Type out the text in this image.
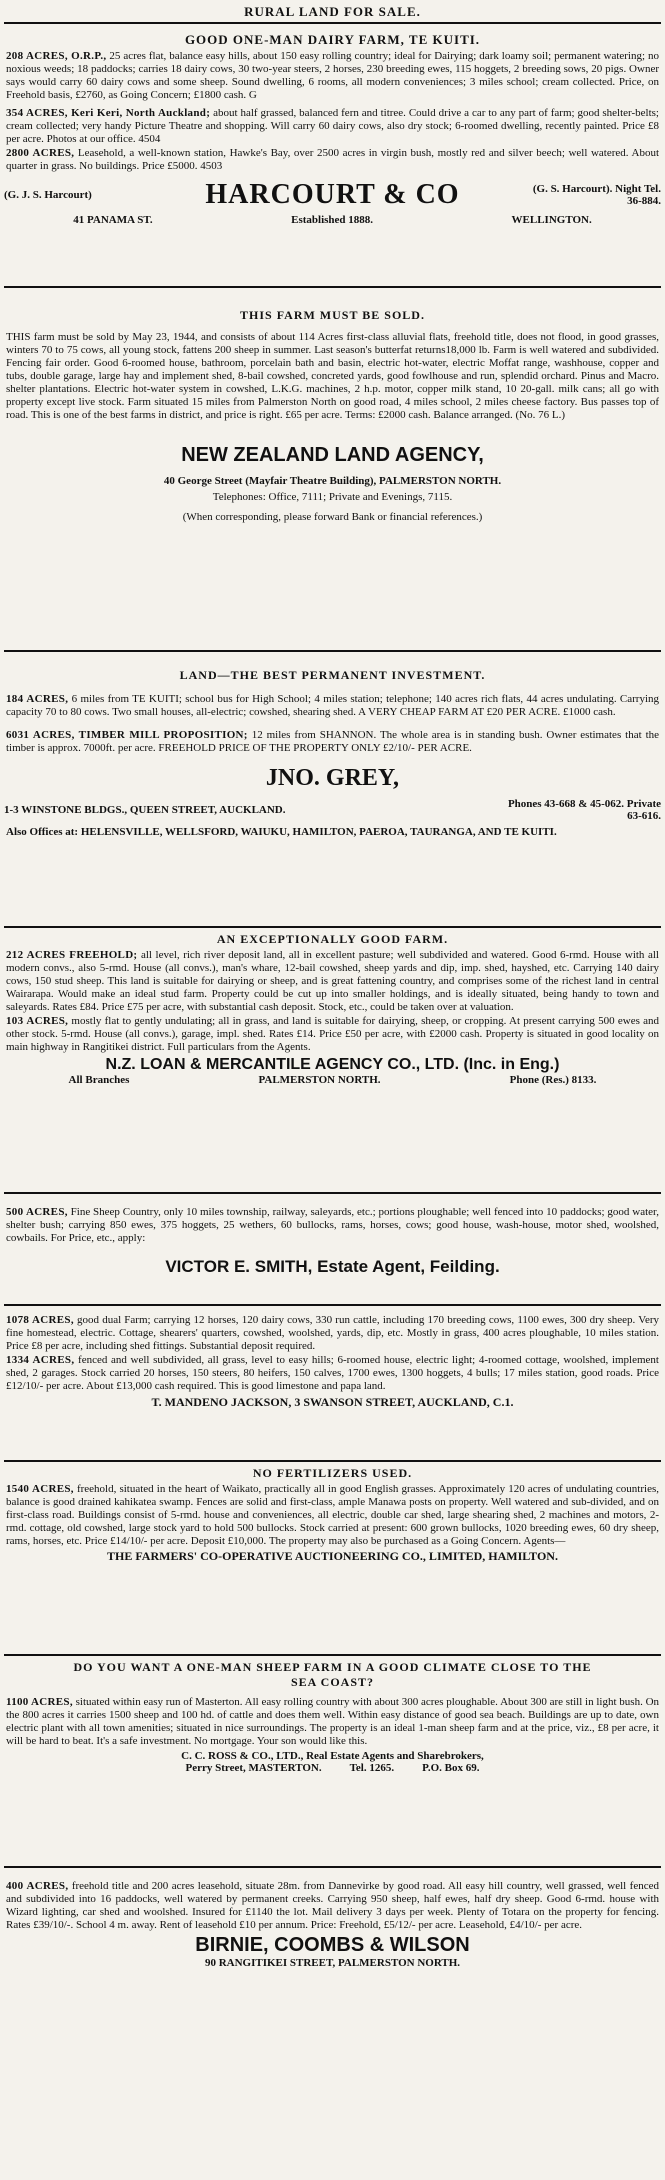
RURAL LAND FOR SALE.
GOOD ONE-MAN DAIRY FARM, TE KUITI.

208 ACRES, O.R.P., 25 acres flat, balance easy hills, about 150 easy rolling country; ideal for Dairying; dark loamy soil; permanent watering; no noxious weeds; 18 paddocks; carries 18 dairy cows, 30 two-year steers, 2 horses, 230 breeding ewes, 115 hoggets, 2 breeding sows, 20 pigs. Owner says would carry 60 dairy cows and some sheep. Sound dwelling, 6 rooms, all modern conveniences; 3 miles school; cream collected. Price, on Freehold basis, £2760, as Going Concern; £1800 cash. G

354 ACRES, Keri Keri, North Auckland; about half grassed, balanced fern and titree. Could drive a car to any part of farm; good shelter-belts; cream collected; very handy Picture Theatre and shopping. Will carry 60 dairy cows, also dry stock; 6-roomed dwelling, recently painted. Price £8 per acre. Photos at our office. 4504

2800 ACRES, Leasehold, a well-known station, Hawke's Bay, over 2500 acres in virgin bush, mostly red and silver beech; well watered. About quarter in grass. No buildings. Price £5000. 4503

(G. J. S. Harcourt)	HARCOURT & CO	(G. S. Harcourt). Night Tel. 36-884.
41 PANAMA ST.	Established 1888.	WELLINGTON.
THIS FARM MUST BE SOLD.

THIS farm must be sold by May 23, 1944, and consists of about 114 Acres first-class alluvial flats, freehold title, does not flood, in good grasses, winters 70 to 75 cows, all young stock, fattens 200 sheep in summer. Last season's butterfat returns18,000 lb. Farm is well watered and subdivided. Fencing fair order. Good 6-roomed house, bathroom, porcelain bath and basin, electric hot-water, electric Moffat range, washhouse, copper and tubs, double garage, large hay and implement shed, 8-bail cowshed, concreted yards, good fowlhouse and run, splendid orchard. Pinus and Macro. shelter plantations. Electric hot-water system in cowshed, L.K.G. machines, 2 h.p. motor, copper milk stand, 10 20-gall. milk cans; all go with property except live stock. Farm situated 15 miles from Palmerston North on good road, 4 miles school, 2 miles cheese factory. Bus passes top of road. This is one of the best farms in district, and price is right. £65 per acre. Terms: £2000 cash. Balance arranged. (No. 76 L.)

NEW ZEALAND LAND AGENCY,
40 George Street (Mayfair Theatre Building), PALMERSTON NORTH.
Telephones: Office, 7111; Private and Evenings, 7115.
(When corresponding, please forward Bank or financial references.)
LAND—THE BEST PERMANENT INVESTMENT.

184 ACRES, 6 miles from TE KUITI; school bus for High School; 4 miles station; telephone; 140 acres rich flats, 44 acres undulating. Carrying capacity 70 to 80 cows. Two small houses, all-electric; cowshed, shearing shed. A VERY CHEAP FARM AT £20 PER ACRE. £1000 cash.

6031 ACRES, TIMBER MILL PROPOSITION; 12 miles from SHANNON. The whole area is in standing bush. Owner estimates that the timber is approx. 7000ft. per acre. FREEHOLD PRICE OF THE PROPERTY ONLY £2/10/- PER ACRE.

JNO. GREY,
1-3 WINSTONE BLDGS., QUEEN STREET, AUCKLAND.	Phones 43-668 & 45-062. Private 63-616.
Also Offices at: HELENSVILLE, WELLSFORD, WAIUKU, HAMILTON, PAEROA, TAURANGA, AND TE KUITI.
AN EXCEPTIONALLY GOOD FARM.

212 ACRES FREEHOLD; all level, rich river deposit land, all in excellent pasture; well subdivided and watered. Good 6-rmd. House with all modern convs., also 5-rmd. House (all convs.), man's whare, 12-bail cowshed, sheep yards and dip, imp. shed, hayshed, etc. Carrying 140 dairy cows, 150 stud sheep. This land is suitable for dairying or sheep, and is great fattening country, and comprises some of the richest land in central Wairarapa. Would make an ideal stud farm. Property could be cut up into smaller holdings, and is ideally situated, being handy to town and saleyards. Rates £84. Price £75 per acre, with substantial cash deposit. Stock, etc., could be taken over at valuation.

103 ACRES, mostly flat to gently undulating; all in grass, and land is suitable for dairying, sheep, or cropping. At present carrying 500 ewes and other stock. 5-rmd. House (all convs.), garage, impl. shed. Rates £14. Price £50 per acre, with £2000 cash. Property is situated in good locality on main highway in Rangitikei district. Full particulars from the Agents.

N.Z. LOAN & MERCANTILE AGENCY CO., LTD. (Inc. in Eng.)
All Branches	PALMERSTON NORTH.	Phone (Res.) 8133.

500 ACRES, Fine Sheep Country, only 10 miles township, railway, saleyards, etc.; portions ploughable; well fenced into 10 paddocks; good water, shelter bush; carrying 850 ewes, 375 hoggets, 25 wethers, 60 bullocks, rams, horses, cows; good house, wash-house, motor shed, woolshed, cowbails. For Price, etc., apply:

VICTOR E. SMITH, Estate Agent, Feilding.

1078 ACRES, good dual Farm; carrying 12 horses, 120 dairy cows, 330 run cattle, including 170 breeding cows, 1100 ewes, 300 dry sheep. Very fine homestead, electric. Cottage, shearers' quarters, cowshed, woolshed, yards, dip, etc. Mostly in grass, 400 acres ploughable, 10 miles station. Price £8 per acre, including shed fittings. Substantial deposit required.

1334 ACRES, fenced and well subdivided, all grass, level to easy hills; 6-roomed house, electric light; 4-roomed cottage, woolshed, implement shed, 2 garages. Stock carried 20 horses, 150 steers, 80 heifers, 150 calves, 1700 ewes, 1300 hoggets, 4 bulls; 17 miles station, good roads. Price £12/10/- per acre. About £13,000 cash required. This is good limestone and papa land.

T. MANDENO JACKSON, 3 SWANSON STREET, AUCKLAND, C.1.
NO FERTILIZERS USED.

1540 ACRES, freehold, situated in the heart of Waikato, practically all in good English grasses. Approximately 120 acres of undulating countries, balance is good drained kahikatea swamp. Fences are solid and first-class, ample Manawa posts on property. Well watered and sub-divided, and on first-class road. Buildings consist of 5-rmd. house and conveniences, all electric, double car shed, large shearing shed, 2 machines and motors, 2-rmd. cottage, old cowshed, large stock yard to hold 500 bullocks. Stock carried at present: 600 grown bullocks, 1020 breeding ewes, 60 dry sheep, rams, horses, etc. Price £14/10/- per acre. Deposit £10,000. The property may also be purchased as a Going Concern. Agents—

THE FARMERS' CO-OPERATIVE AUCTIONEERING CO., LIMITED, HAMILTON.
DO YOU WANT A ONE-MAN SHEEP FARM IN A GOOD CLIMATE CLOSE TO THE SEA COAST?

1100 ACRES, situated within easy run of Masterton. All easy rolling country with about 300 acres ploughable. About 300 are still in light bush. On the 800 acres it carries 1500 sheep and 100 hd. of cattle and does them well. Within easy distance of good sea beach. Buildings are up to date, own electric plant with all town amenities; situated in nice surroundings. The property is an ideal 1-man sheep farm and at the price, viz., £8 per acre, it will be hard to beat. It's a safe investment. No mortgage. Your son would like this.

C. C. ROSS & CO., LTD., Real Estate Agents and Sharebrokers,
Perry Street, MASTERTON.	Tel. 1265.	P.O. Box 69.

400 ACRES, freehold title and 200 acres leasehold, situate 28m. from Dannevirke by good road. All easy hill country, well grassed, well fenced and subdivided into 16 paddocks, well watered by permanent creeks. Carrying 950 sheep, half ewes, half dry sheep. Good 6-rmd. house with Wizard lighting, car shed and woolshed. Insured for £1140 the lot. Mail delivery 3 days per week. Plenty of Totara on the property for fencing. Rates £39/10/-. School 4 m. away. Rent of leasehold £10 per annum. Price: Freehold, £5/12/- per acre. Leasehold, £4/10/- per acre.

BIRNIE, COOMBS & WILSON
90 RANGITIKEI STREET, PALMERSTON NORTH.
